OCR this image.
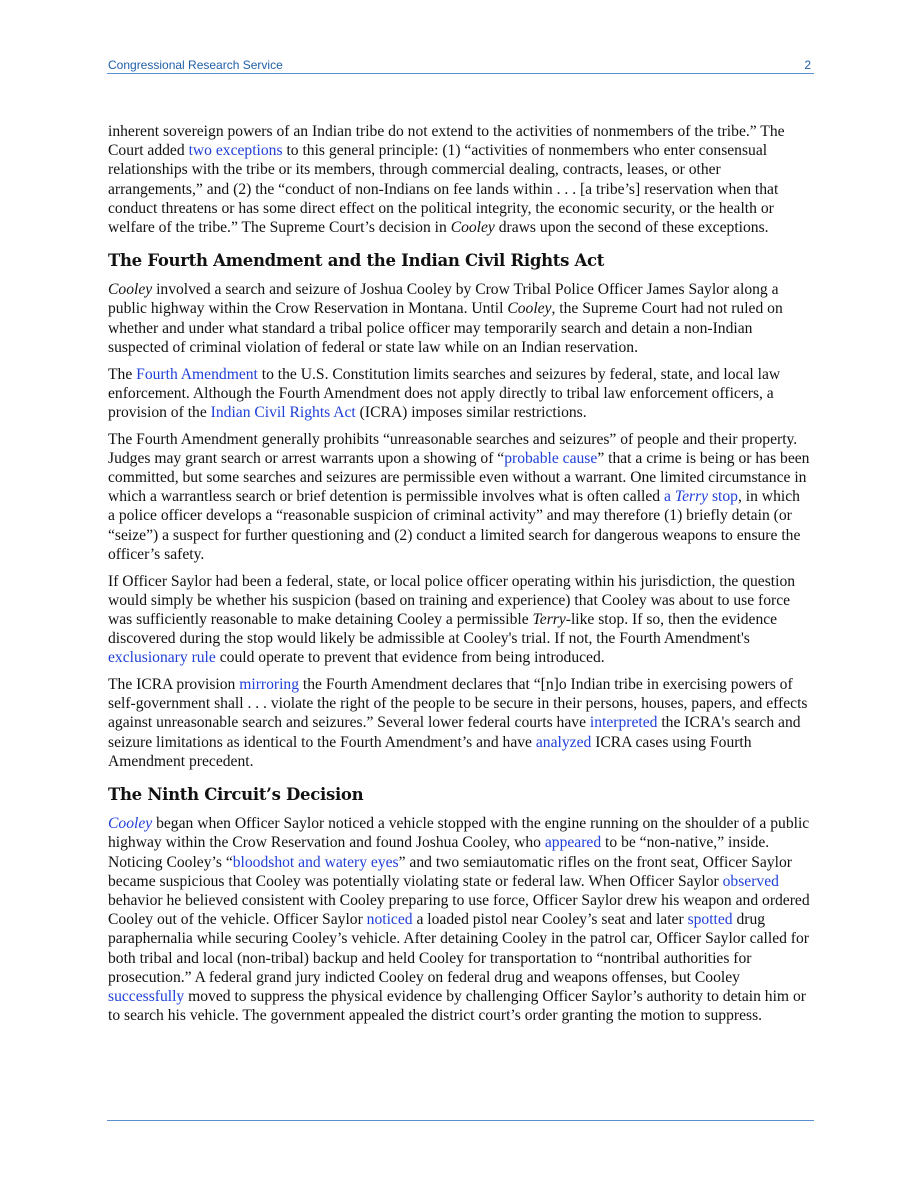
Congressional Research Service	2

inherent sovereign powers of an Indian tribe do not extend to the activities of nonmembers of the tribe.” The Court added two exceptions to this general principle: (1) “activities of nonmembers who enter consensual relationships with the tribe or its members, through commercial dealing, contracts, leases, or other arrangements,” and (2) the “conduct of non-Indians on fee lands within . . . [a tribe’s] reservation when that conduct threatens or has some direct effect on the political integrity, the economic security, or the health or welfare of the tribe.” The Supreme Court’s decision in Cooley draws upon the second of these exceptions.

The Fourth Amendment and the Indian Civil Rights Act

Cooley involved a search and seizure of Joshua Cooley by Crow Tribal Police Officer James Saylor along a public highway within the Crow Reservation in Montana. Until Cooley, the Supreme Court had not ruled on whether and under what standard a tribal police officer may temporarily search and detain a non-Indian suspected of criminal violation of federal or state law while on an Indian reservation.

The Fourth Amendment to the U.S. Constitution limits searches and seizures by federal, state, and local law enforcement. Although the Fourth Amendment does not apply directly to tribal law enforcement officers, a provision of the Indian Civil Rights Act (ICRA) imposes similar restrictions.

The Fourth Amendment generally prohibits “unreasonable searches and seizures” of people and their property. Judges may grant search or arrest warrants upon a showing of “probable cause” that a crime is being or has been committed, but some searches and seizures are permissible even without a warrant. One limited circumstance in which a warrantless search or brief detention is permissible involves what is often called a Terry stop, in which a police officer develops a “reasonable suspicion of criminal activity” and may therefore (1) briefly detain (or “seize”) a suspect for further questioning and (2) conduct a limited search for dangerous weapons to ensure the officer’s safety.

If Officer Saylor had been a federal, state, or local police officer operating within his jurisdiction, the question would simply be whether his suspicion (based on training and experience) that Cooley was about to use force was sufficiently reasonable to make detaining Cooley a permissible Terry-like stop. If so, then the evidence discovered during the stop would likely be admissible at Cooley's trial. If not, the Fourth Amendment's exclusionary rule could operate to prevent that evidence from being introduced.

The ICRA provision mirroring the Fourth Amendment declares that “[n]o Indian tribe in exercising powers of self-government shall . . . violate the right of the people to be secure in their persons, houses, papers, and effects against unreasonable search and seizures.” Several lower federal courts have interpreted the ICRA's search and seizure limitations as identical to the Fourth Amendment’s and have analyzed ICRA cases using Fourth Amendment precedent.

The Ninth Circuit’s Decision

Cooley began when Officer Saylor noticed a vehicle stopped with the engine running on the shoulder of a public highway within the Crow Reservation and found Joshua Cooley, who appeared to be “non-native,” inside. Noticing Cooley’s “bloodshot and watery eyes” and two semiautomatic rifles on the front seat, Officer Saylor became suspicious that Cooley was potentially violating state or federal law. When Officer Saylor observed behavior he believed consistent with Cooley preparing to use force, Officer Saylor drew his weapon and ordered Cooley out of the vehicle. Officer Saylor noticed a loaded pistol near Cooley’s seat and later spotted drug paraphernalia while securing Cooley’s vehicle. After detaining Cooley in the patrol car, Officer Saylor called for both tribal and local (non-tribal) backup and held Cooley for transportation to “nontribal authorities for prosecution.” A federal grand jury indicted Cooley on federal drug and weapons offenses, but Cooley successfully moved to suppress the physical evidence by challenging Officer Saylor’s authority to detain him or to search his vehicle. The government appealed the district court’s order granting the motion to suppress.
